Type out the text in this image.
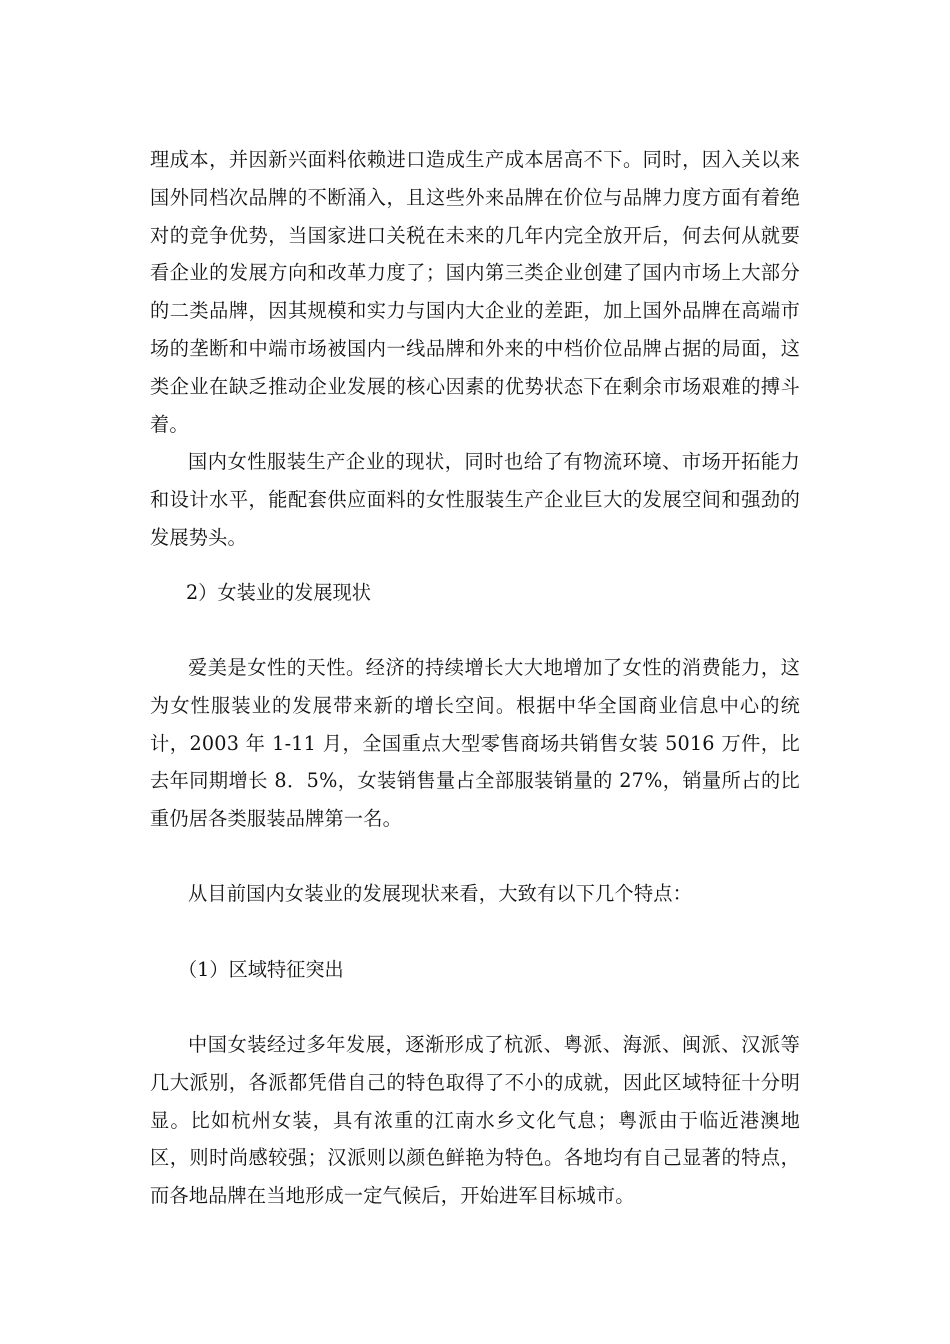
理成本，并因新兴面料依赖进口造成生产成本居高不下。同时，因入关以来国外同档次品牌的不断涌入，且这些外来品牌在价位与品牌力度方面有着绝对的竞争优势，当国家进口关税在未来的几年内完全放开后，何去何从就要看企业的发展方向和改革力度了；国内第三类企业创建了国内市场上大部分的二类品牌，因其规模和实力与国内大企业的差距，加上国外品牌在高端市场的垄断和中端市场被国内一线品牌和外来的中档价位品牌占据的局面，这类企业在缺乏推动企业发展的核心因素的优势状态下在剩余市场艰难的搏斗着。

国内女性服装生产企业的现状，同时也给了有物流环境、市场开拓能力和设计水平，能配套供应面料的女性服装生产企业巨大的发展空间和强劲的发展势头。

2）女装业的发展现状

爱美是女性的天性。经济的持续增长大大地增加了女性的消费能力，这为女性服装业的发展带来新的增长空间。根据中华全国商业信息中心的统计，2003 年 1-11 月，全国重点大型零售商场共销售女装 5016 万件，比去年同期增长 8．5%，女装销售量占全部服装销量的 27%，销量所占的比重仍居各类服装品牌第一名。

从目前国内女装业的发展现状来看，大致有以下几个特点：

（1）区域特征突出

中国女装经过多年发展，逐渐形成了杭派、粤派、海派、闽派、汉派等几大派别，各派都凭借自己的特色取得了不小的成就，因此区域特征十分明显。比如杭州女装，具有浓重的江南水乡文化气息；粤派由于临近港澳地区，则时尚感较强；汉派则以颜色鲜艳为特色。各地均有自己显著的特点，而各地品牌在当地形成一定气候后，开始进军目标城市。
